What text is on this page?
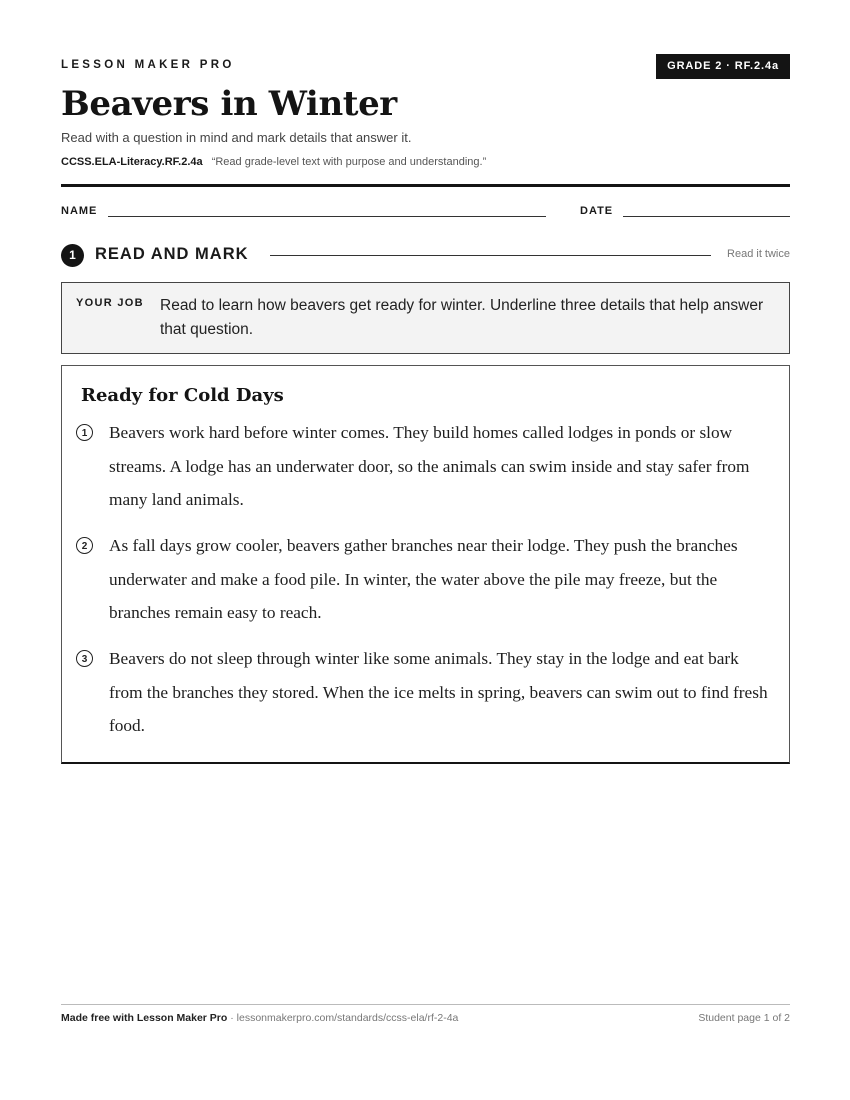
LESSON MAKER PRO	GRADE 2 · RF.2.4a
Beavers in Winter
Read with a question in mind and mark details that answer it.
CCSS.ELA-Literacy.RF.2.4a “Read grade-level text with purpose and understanding.”
NAME	DATE
1	READ AND MARK	Read it twice
YOUR JOB Read to learn how beavers get ready for winter. Underline three details that help answer that question.
Ready for Cold Days
1	Beavers work hard before winter comes. They build homes called lodges in ponds or slow streams. A lodge has an underwater door, so the animals can swim inside and stay safer from many land animals.

2	As fall days grow cooler, beavers gather branches near their lodge. They push the branches underwater and make a food pile. In winter, the water above the pile may freeze, but the branches remain easy to reach.

3	Beavers do not sleep through winter like some animals. They stay in the lodge and eat bark from the branches they stored. When the ice melts in spring, beavers can swim out to find fresh food.

Made free with Lesson Maker Pro · lessonmakerpro.com/standards/ccss-ela/rf-2-4a	Student page 1 of 2
